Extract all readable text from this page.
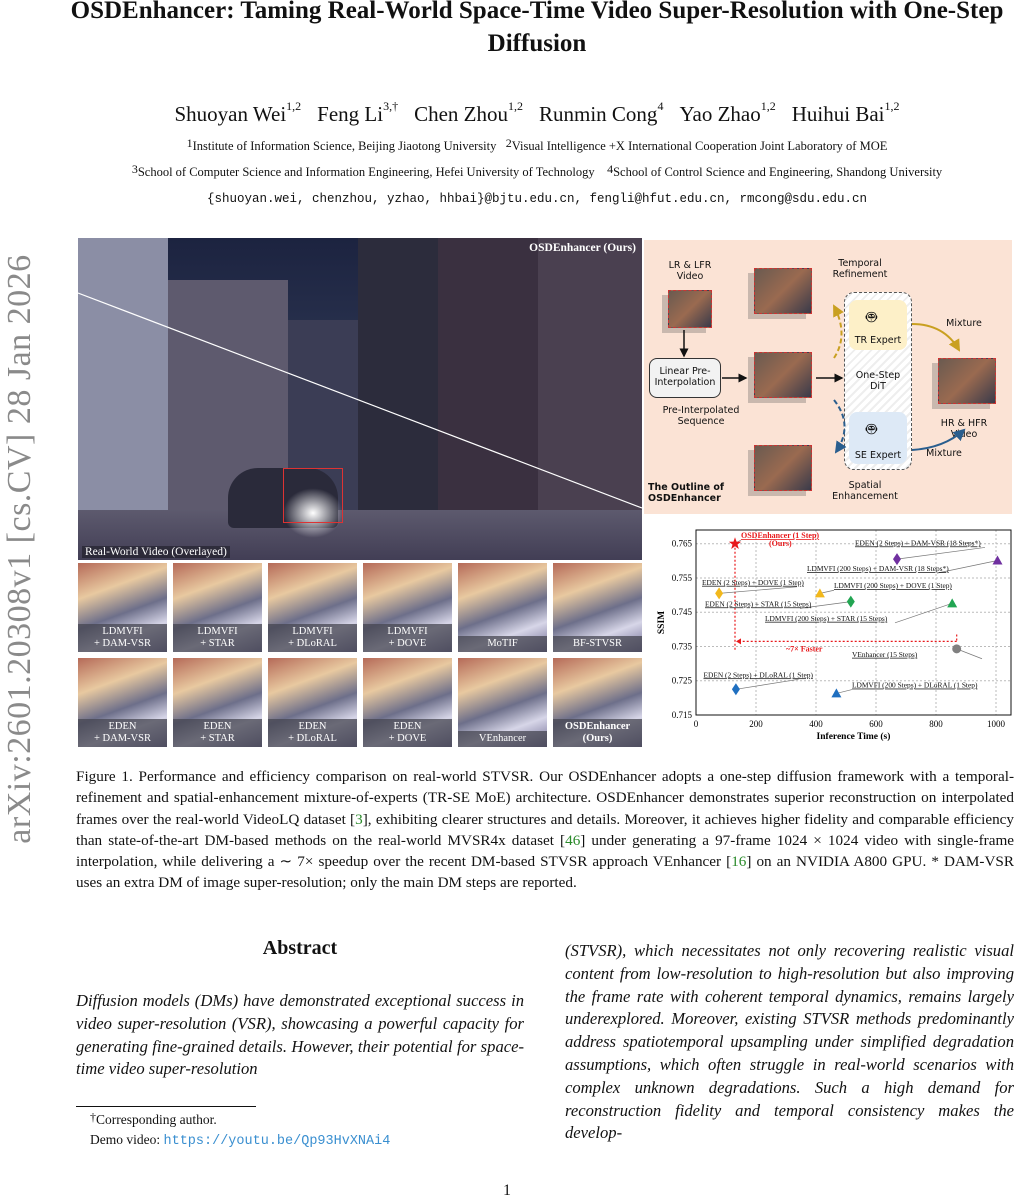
arXiv:2601.20308v1 [cs.CV] 28 Jan 2026
OSDEnhancer: Taming Real-World Space-Time Video Super-Resolution with One-Step Diffusion
Shuoyan Wei$^{1,2}$ Feng $Li^{3,\dagger}$ Chen Zhou$^{1,2}$ Runmin Cong$^4$ Yao Zhao$^{1,2}$ Huihui Bai$^{1,2}$
$^1$Institute of Information Science, Beijing Jiaotong University $^2$Visual Intelligence +X International Cooperation Joint Laboratory of MOE
$^3$School of Computer Science and Information Engineering, Hefei University of Technology $^4$School of Control Science and Engineering, Shandong University
{shuoyan.wei, chenzhou, yzhao, hhbai}@bjtu.edu.cn, fengli@hfut.edu.cn, rmcong@sdu.edu.cn
OSDEnhancer (Ours)
Real-World Video (Overlayed)
LDMVFI
+ DAM-VSR
LDMVFI
+ STAR
LDMVFI
+ DLoRAL
LDMVFI
+ DOVE	MoTIF	BF-STVSR
EDEN
+ DAM-VSR
EDEN
+ STAR
EDEN
+ DLoRAL
EDEN
+ DOVE	VEnhancer
OSDEnhancer
(Ours)
LR & LFR Video
Linear Pre-Interpolation
Pre-Interpolated Sequence
Temporal Refinement
Spatial Enhancement
TR Expert
🤖︎
One-Step DiT
🤖︎
SE Expert
Mixture
Mixture
HR & HFR Video
The Outline of OSDEnhancer
0	200	400	600	800	1000
0.715
0.725
0.735
0.745
0.755
0.765
Inference Time (s)
SSIM
~7× Faster
OSDEnhancer (1 Step)
(Ours)	EDEN (2 Steps) + DAM-VSR (18 Steps*)
LDMVFI (200 Steps) + DAM-VSR (18 Steps*)
EDEN (2 Steps) + DOVE (1 Step)	LDMVFI (200 Steps) + DOVE (1 Step)
EDEN (2 Steps) + STAR (15 Steps)
LDMVFI (200 Steps) + STAR (15 Steps)
VEnhancer (15 Steps)
EDEN (2 Steps) + DLoRAL (1 Step)
LDMVFI (200 Steps) + DLoRAL (1 Step)
Figure 1. Performance and efficiency comparison on real-world STVSR. Our OSDEnhancer adopts a one-step diffusion framework with a temporal-refinement and spatial-enhancement mixture-of-experts (TR-SE MoE) architecture. OSDEnhancer demonstrates superior reconstruction on interpolated frames over the real-world VideoLQ dataset [3], exhibiting clearer structures and details. Moreover, it achieves higher fidelity and comparable efficiency than state-of-the-art DM-based methods on the real-world MVSR4x dataset [46] under generating a 97-frame 1024 × 1024 video with single-frame interpolation, while delivering a ∼ 7× speedup over the recent DM-based STVSR approach VEnhancer [16] on an NVIDIA A800 GPU. * DAM-VSR uses an extra DM of image super-resolution; only the main DM steps are reported.
Abstract
Diffusion models (DMs) have demonstrated exceptional success in video super-resolution (VSR), showcasing a powerful capacity for generating fine-grained details. However, their potential for space-time video super-resolution
(STVSR), which necessitates not only recovering realistic visual content from low-resolution to high-resolution but also improving the frame rate with coherent temporal dynamics, remains largely underexplored. Moreover, existing STVSR methods predominantly address spatiotemporal upsampling under simplified degradation assumptions, which often struggle in real-world scenarios with complex unknown degradations. Such a high demand for reconstruction fidelity and temporal consistency makes the develop-
†Corresponding author.
Demo video: https://youtu.be/Qp93HvXNAi4
1
